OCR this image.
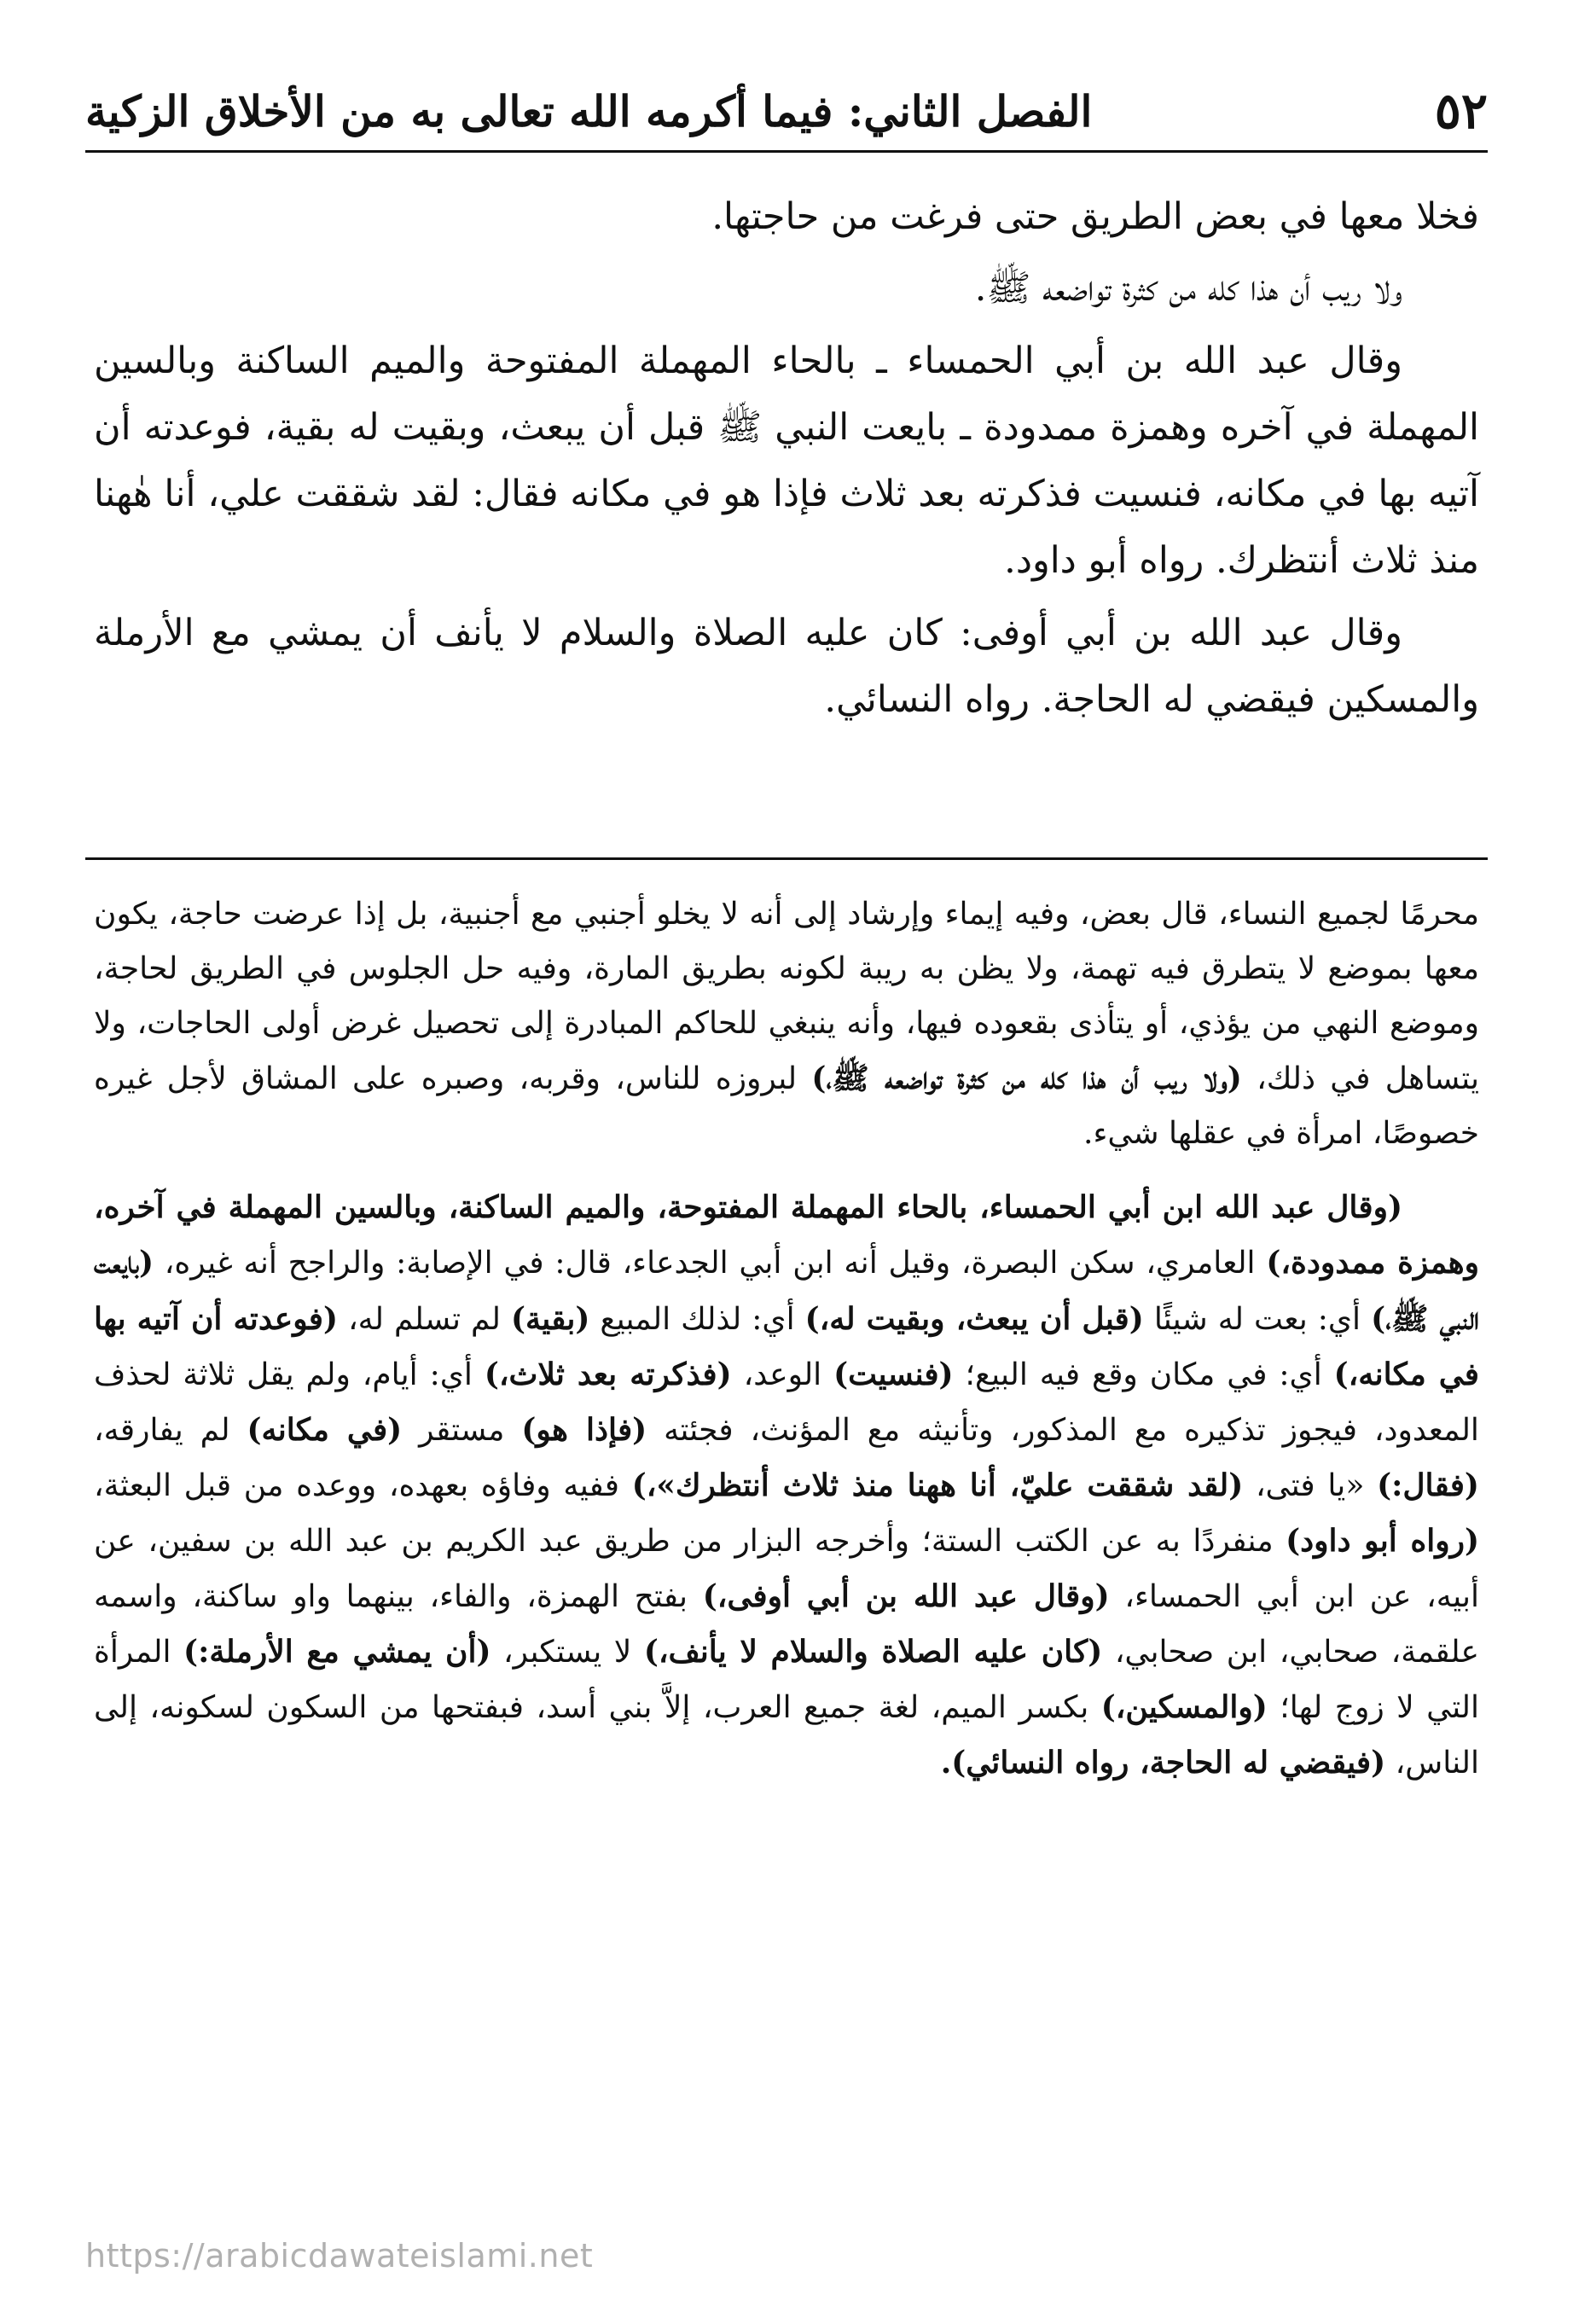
٥٢
الفصل الثاني: فيما أكرمه الله تعالى به من الأخلاق الزكية

فخلا معها في بعض الطريق حتى فرغت من حاجتها.

ولا ريب أن هذا كله من كثرة تواضعه ﷺ.

وقال عبد الله بن أبي الحمساء ـ بالحاء المهملة المفتوحة والميم الساكنة وبالسين المهملة في آخره وهمزة ممدودة ـ بايعت النبي ﷺ قبل أن يبعث، وبقيت له بقية، فوعدته أن آتيه بها في مكانه، فنسيت فذكرته بعد ثلاث فإذا هو في مكانه فقال: لقد شققت علي، أنا هٰهنا منذ ثلاث أنتظرك. رواه أبو داود.

وقال عبد الله بن أبي أوفى: كان عليه الصلاة والسلام لا يأنف أن يمشي مع الأرملة والمسكين فيقضي له الحاجة. رواه النسائي.

محرمًا لجميع النساء، قال بعض، وفيه إيماء وإرشاد إلى أنه لا يخلو أجنبي مع أجنبية، بل إذا عرضت حاجة، يكون معها بموضع لا يتطرق فيه تهمة، ولا يظن به ريبة لكونه بطريق المارة، وفيه حل الجلوس في الطريق لحاجة، وموضع النهي من يؤذي، أو يتأذى بقعوده فيها، وأنه ينبغي للحاكم المبادرة إلى تحصيل غرض أولى الحاجات، ولا يتساهل في ذلك، (ولا ريب أن هذا كله من كثرة تواضعه ﷺ،) لبروزه للناس، وقربه، وصبره على المشاق لأجل غيره خصوصًا، امرأة في عقلها شيء.

(وقال عبد الله ابن أبي الحمساء، بالحاء المهملة المفتوحة، والميم الساكنة، وبالسين المهملة في آخره، وهمزة ممدودة،) العامري، سكن البصرة، وقيل أنه ابن أبي الجدعاء، قال: في الإصابة: والراجح أنه غيره، (بايعت النبي ﷺ،) أي: بعت له شيئًا (قبل أن يبعث، وبقيت له،) أي: لذلك المبيع (بقية) لم تسلم له، (فوعدته أن آتيه بها في مكانه،) أي: في مكان وقع فيه البيع؛ (فنسيت) الوعد، (فذكرته بعد ثلاث،) أي: أيام، ولم يقل ثلاثة لحذف المعدود، فيجوز تذكيره مع المذكور، وتأنيثه مع المؤنث، فجئته (فإذا هو) مستقر (في مكانه) لم يفارقه، (فقال:) «يا فتى، (لقد شققت عليّ، أنا ههنا منذ ثلاث أنتظرك»،) ففيه وفاؤه بعهده، ووعده من قبل البعثة، (رواه أبو داود) منفردًا به عن الكتب الستة؛ وأخرجه البزار من طريق عبد الكريم بن عبد الله بن سفين، عن أبيه، عن ابن أبي الحمساء، (وقال عبد الله بن أبي أوفى،) بفتح الهمزة، والفاء، بينهما واو ساكنة، واسمه علقمة، صحابي، ابن صحابي، (كان عليه الصلاة والسلام لا يأنف،) لا يستكبر، (أن يمشي مع الأرملة:) المرأة التي لا زوج لها؛ (والمسكين،) بكسر الميم، لغة جميع العرب، إلاَّ بني أسد، فبفتحها من السكون لسكونه، إلى الناس، (فيقضي له الحاجة، رواه النسائي).

https://arabicdawateislami.net
